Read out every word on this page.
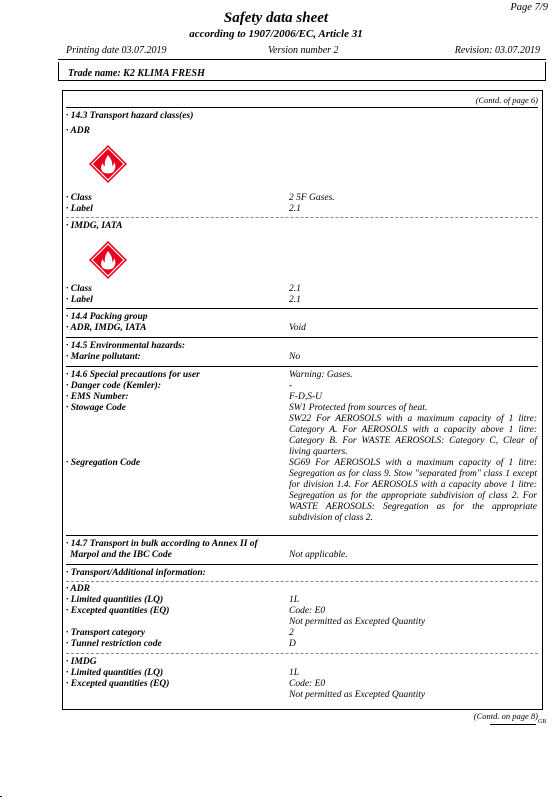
Page 7/9
Safety data sheet
according to 1907/2006/EC, Article 31
Printing date 03.07.2019	Version number 2	Revision: 03.07.2019
Trade name: K2 KLIMA FRESH
(Contd. of page 6)
· 14.3 Transport hazard class(es)
· ADR
· Class	2 5F Gases.
· Label	2.1
· IMDG, IATA
· Class	2.1
· Label	2.1
· 14.4 Packing group
· ADR, IMDG, IATA	Void
· 14.5 Environmental hazards:
· Marine pollutant:	No
· 14.6 Special precautions for user	Warning: Gases.
· Danger code (Kemler):	-
· EMS Number:	F-D,S-U
· Stowage Code	SW1 Protected from sources of heat.
SW22 For AEROSOLS with a maximum capacity of 1 litre: Category A. For AEROSOLS with a capacity above 1 litre: Category B. For WASTE AEROSOLS: Category C, Clear of living quarters.
· Segregation Code	SG69 For AEROSOLS with a maximum capacity of 1 litre: Segregation as for class 9. Stow "separated from" class 1 except for division 1.4. For AEROSOLS with a capacity above 1 litre: Segregation as for the appropriate subdivision of class 2. For WASTE AEROSOLS: Segregation as for the appropriate subdivision of class 2.
· 14.7 Transport in bulk according to Annex II of
Marpol and the IBC Code	Not applicable.
· Transport/Additional information:
· ADR
· Limited quantities (LQ)	1L
· Excepted quantities (EQ)	Code: E0
Not permitted as Excepted Quantity
· Transport category	2
· Tunnel restriction code	D
· IMDG
· Limited quantities (LQ)	1L
· Excepted quantities (EQ)	Code: E0
Not permitted as Excepted Quantity
(Contd. on page 8)
GB
